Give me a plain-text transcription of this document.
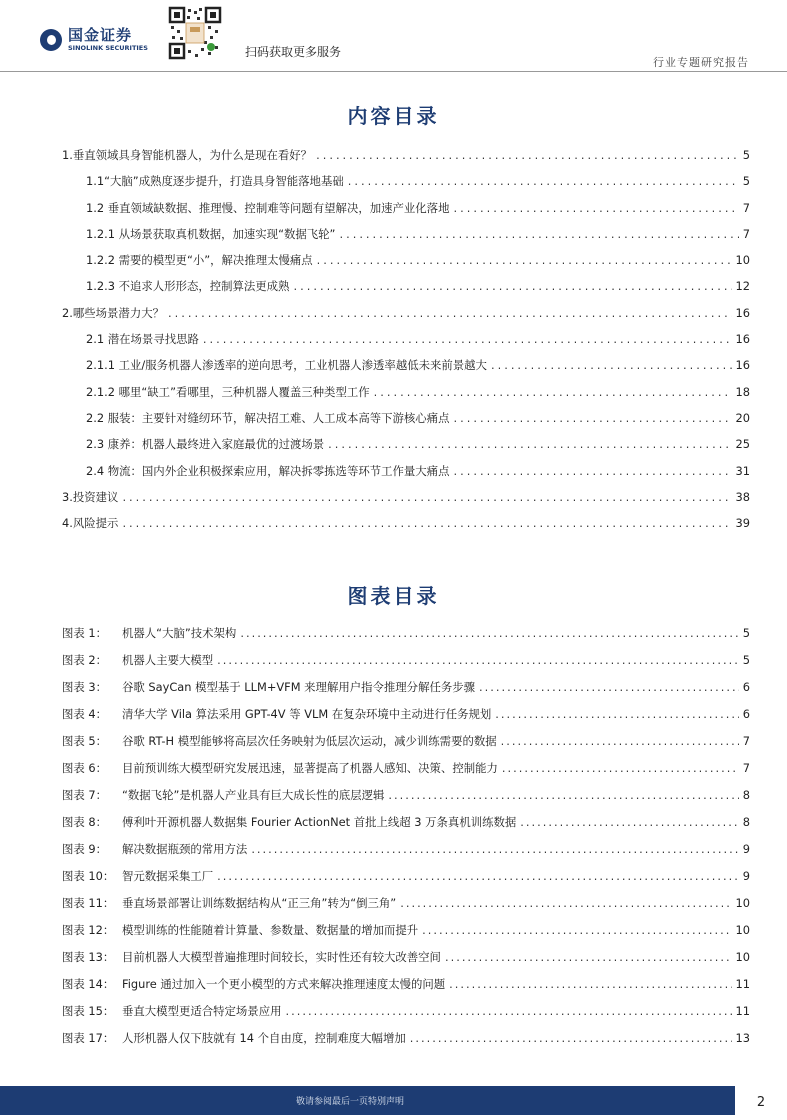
国金证券
SINOLINK SECURITIES	扫码获取更多服务
行业专题研究报告
内容目录
1.垂直领域具身智能机器人，为什么是现在看好？ .....	5
1.1“大脑”成熟度逐步提升，打造具身智能落地基础 .....	5
1.2 垂直领域缺数据、推理慢、控制难等问题有望解决，加速产业化落地 .....	7
1.2.1 从场景获取真机数据，加速实现“数据飞轮” .....	7
1.2.2 需要的模型更“小”，解决推理太慢痛点 .....	10
1.2.3 不追求人形形态，控制算法更成熟 .....	12
2.哪些场景潜力大？ .....	16
2.1 潜在场景寻找思路 .....	16
2.1.1 工业/服务机器人渗透率的逆向思考，工业机器人渗透率越低未来前景越大 .....	16
2.1.2 哪里“缺工”看哪里，三种机器人覆盖三种类型工作 .....	18
2.2 服装：主要针对缝纫环节，解决招工难、人工成本高等下游核心痛点 .....	20
2.3 康养：机器人最终进入家庭最优的过渡场景 .....	25
2.4 物流：国内外企业积极探索应用，解决拆零拣选等环节工作量大痛点 .....	31
3.投资建议 .....	38
4.风险提示 .....	39
图表目录
图表 1：	机器人“大脑”技术架构 .....	5
图表 2：	机器人主要大模型 .....	5
图表 3：	谷歌 SayCan 模型基于 LLM+VFM 来理解用户指令推理分解任务步骤 .....	6
图表 4：	清华大学 Vila 算法采用 GPT-4V 等 VLM 在复杂环境中主动进行任务规划 .....	6
图表 5：	谷歌 RT-H 模型能够将高层次任务映射为低层次运动，减少训练需要的数据 .....	7
图表 6：	目前预训练大模型研究发展迅速，显著提高了机器人感知、决策、控制能力 .....	7
图表 7：	“数据飞轮”是机器人产业具有巨大成长性的底层逻辑 .....	8
图表 8：	傅利叶开源机器人数据集 Fourier ActionNet 首批上线超 3 万条真机训练数据 .....	8
图表 9：	解决数据瓶颈的常用方法 .....	9
图表 10： 智元数据采集工厂 .....	9
图表 11： 垂直场景部署让训练数据结构从“正三角”转为“倒三角” .....	10
图表 12： 模型训练的性能随着计算量、参数量、数据量的增加而提升 .....	10
图表 13： 目前机器人大模型普遍推理时间较长，实时性还有较大改善空间 .....	10
图表 14： Figure 通过加入一个更小模型的方式来解决推理速度太慢的问题 .....	11
图表 15： 垂直大模型更适合特定场景应用 .....	11
图表 17： 人形机器人仅下肢就有 14 个自由度，控制难度大幅增加 .....	13
敬请参阅最后一页特别声明	2
